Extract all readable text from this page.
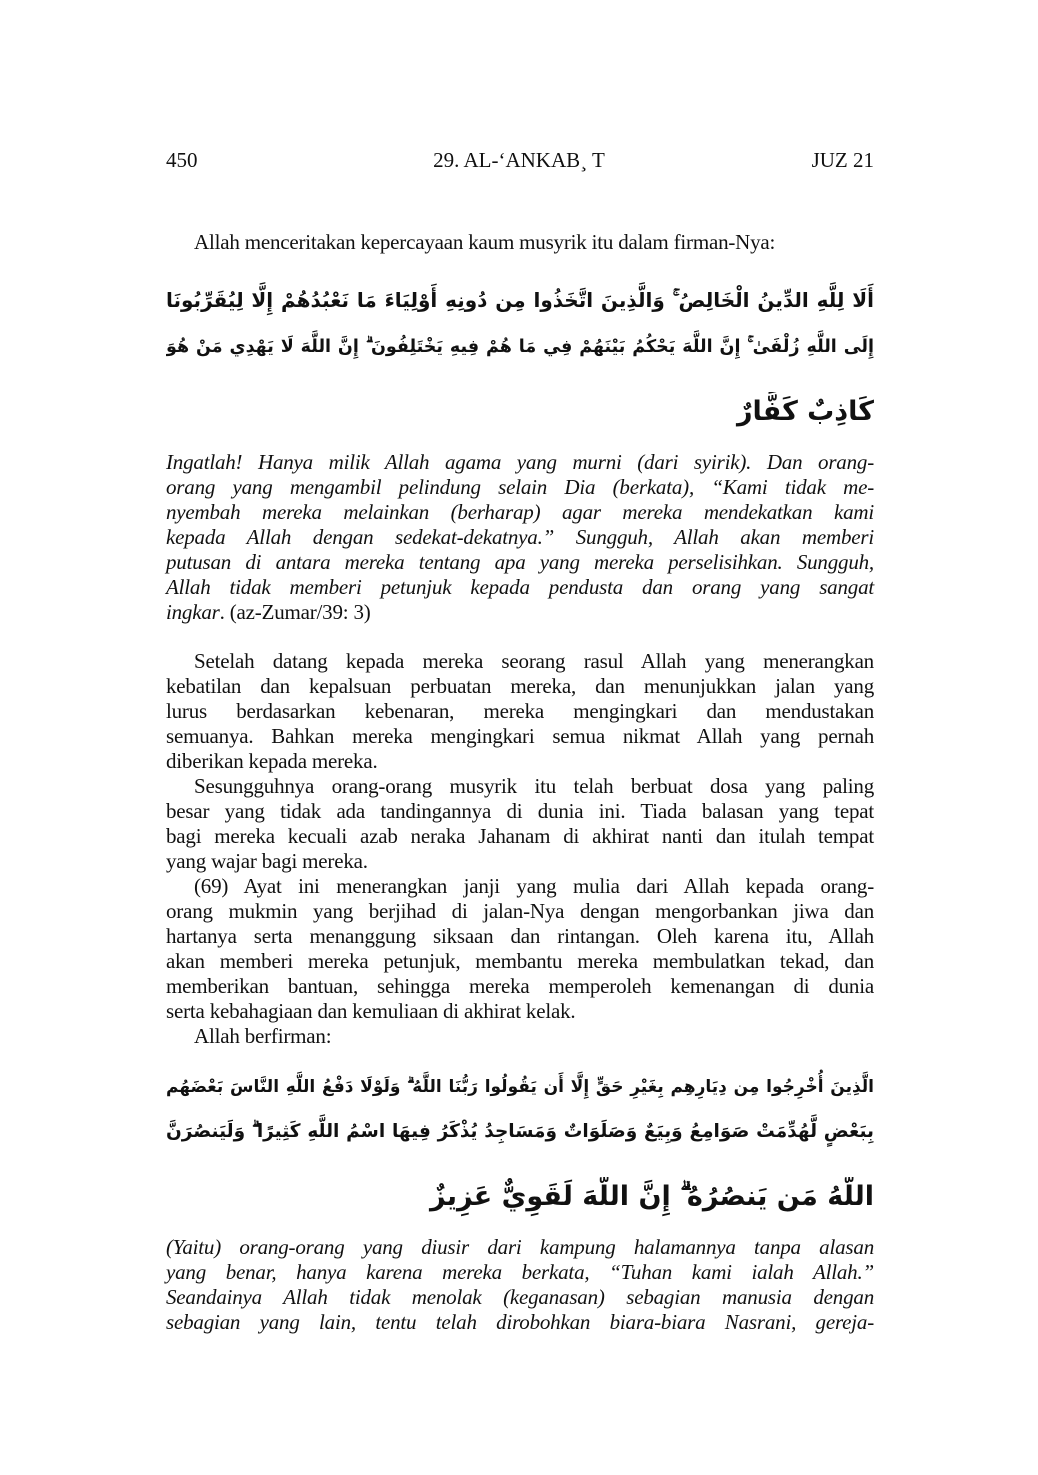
450	29. AL-‘ANKAB¸ T	JUZ 21
Allah menceritakan kepercayaan kaum musyrik itu dalam firman-Nya:
أَلَا لِلَّهِ الدِّينُ الْخَالِصُ ۚ وَالَّذِينَ اتَّخَذُوا مِن دُونِهِ أَوْلِيَاءَ مَا نَعْبُدُهُمْ إِلَّا لِيُقَرِّبُونَا
إِلَى اللَّهِ زُلْفَىٰ ۚ إِنَّ اللَّهَ يَحْكُمُ بَيْنَهُمْ فِي مَا هُمْ فِيهِ يَخْتَلِفُونَ ۗ إِنَّ اللَّهَ لَا يَهْدِي مَنْ هُوَ
كَاذِبٌ كَفَّارٌ
Ingatlah! Hanya milik Allah agama yang murni (dari syirik). Dan orang-
orang yang mengambil pelindung selain Dia (berkata), “Kami tidak me-
nyembah mereka melainkan (berharap) agar mereka mendekatkan kami
kepada Allah dengan sedekat-dekatnya.” Sungguh, Allah akan memberi
putusan di antara mereka tentang apa yang mereka perselisihkan. Sungguh,
Allah tidak memberi petunjuk kepada pendusta dan orang yang sangat
ingkar. (az-Zumar/39: 3)
Setelah datang kepada mereka seorang rasul Allah yang menerangkan
kebatilan dan kepalsuan perbuatan mereka, dan menunjukkan jalan yang
lurus berdasarkan kebenaran, mereka mengingkari dan mendustakan
semuanya. Bahkan mereka mengingkari semua nikmat Allah yang pernah
diberikan kepada mereka.
Sesungguhnya orang-orang musyrik itu telah berbuat dosa yang paling
besar yang tidak ada tandingannya di dunia ini. Tiada balasan yang tepat
bagi mereka kecuali azab neraka Jahanam di akhirat nanti dan itulah tempat
yang wajar bagi mereka.
(69) Ayat ini menerangkan janji yang mulia dari Allah kepada orang-
orang mukmin yang berjihad di jalan-Nya dengan mengorbankan jiwa dan
hartanya serta menanggung siksaan dan rintangan. Oleh karena itu, Allah
akan memberi mereka petunjuk, membantu mereka membulatkan tekad, dan
memberikan bantuan, sehingga mereka memperoleh kemenangan di dunia
serta kebahagiaan dan kemuliaan di akhirat kelak.
Allah berfirman:
الَّذِينَ أُخْرِجُوا مِن دِيَارِهِم بِغَيْرِ حَقٍّ إِلَّا أَن يَقُولُوا رَبُّنَا اللَّهُ ۗ وَلَوْلَا دَفْعُ اللَّهِ النَّاسَ بَعْضَهُم
بِبَعْضٍ لَّهُدِّمَتْ صَوَامِعُ وَبِيَعٌ وَصَلَوَاتٌ وَمَسَاجِدُ يُذْكَرُ فِيهَا اسْمُ اللَّهِ كَثِيرًا ۗ وَلَيَنصُرَنَّ
اللَّهُ مَن يَنصُرُهُ ۗ إِنَّ اللَّهَ لَقَوِيٌّ عَزِيزٌ
(Yaitu) orang-orang yang diusir dari kampung halamannya tanpa alasan
yang benar, hanya karena mereka berkata, “Tuhan kami ialah Allah.”
Seandainya Allah tidak menolak (keganasan) sebagian manusia dengan
sebagian yang lain, tentu telah dirobohkan biara-biara Nasrani, gereja-
